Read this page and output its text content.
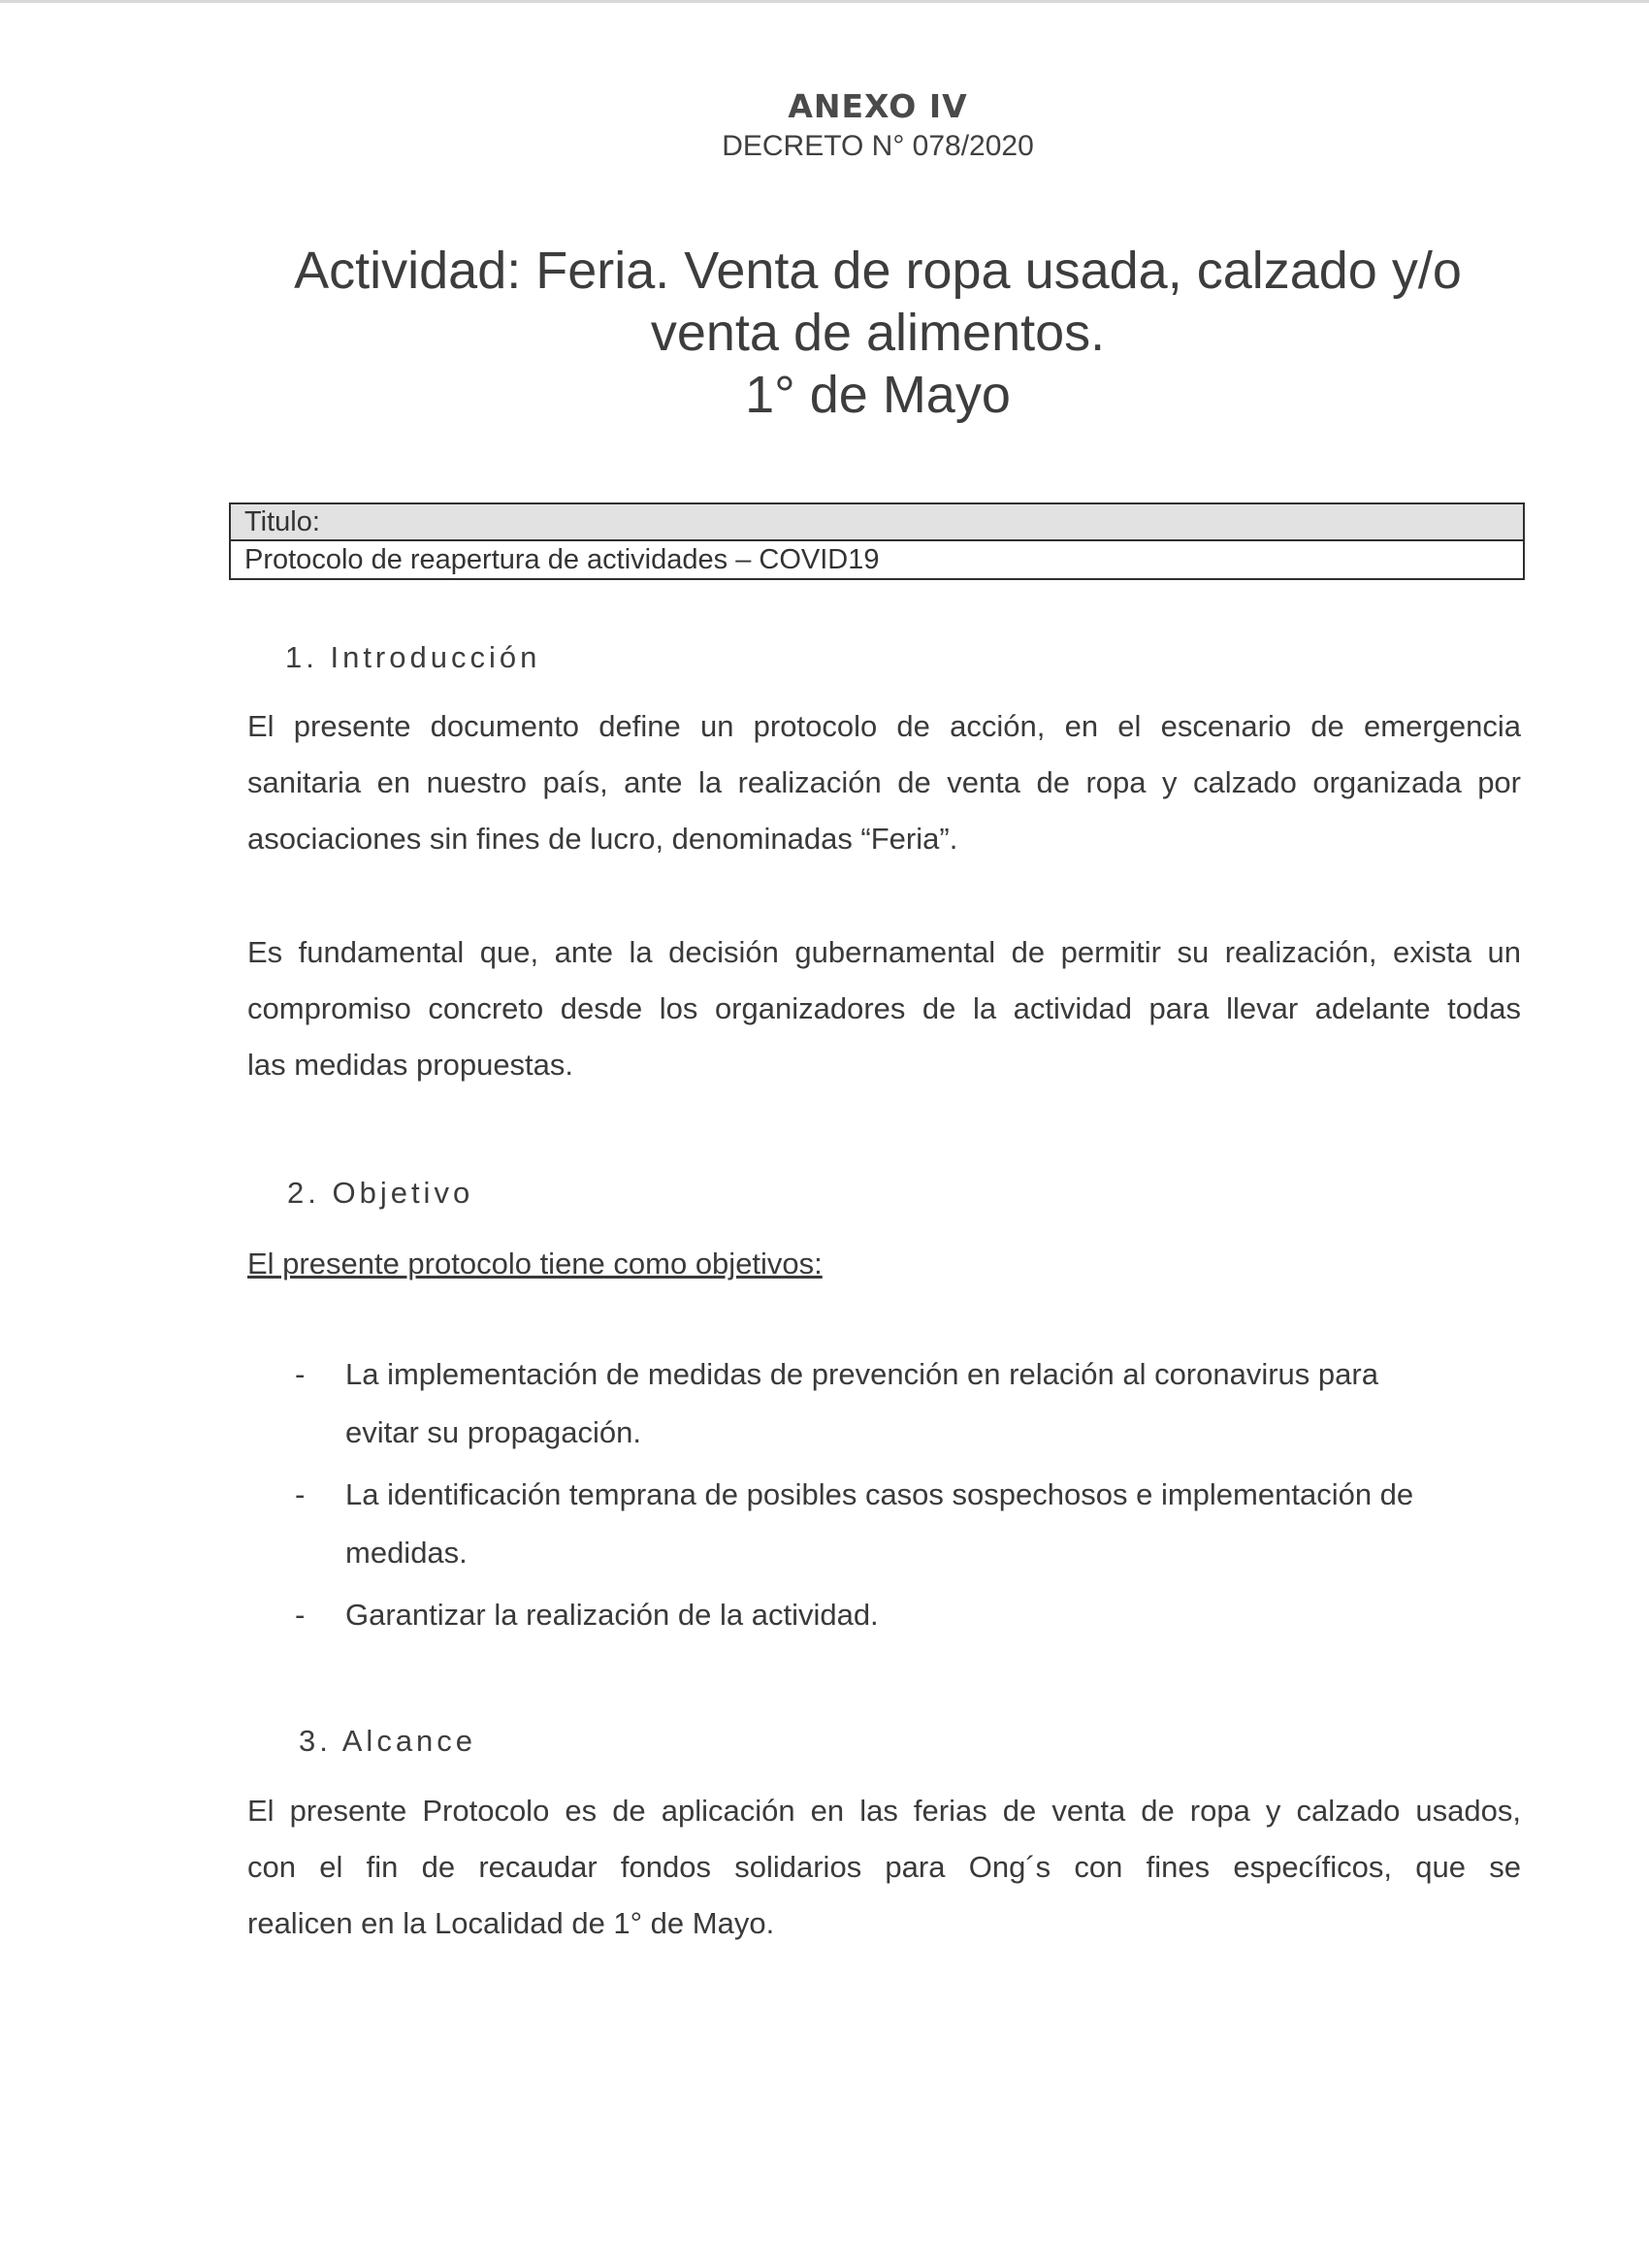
ANEXO IV
DECRETO N° 078/2020
Actividad: Feria. Venta de ropa usada, calzado y/o
venta de alimentos.
1° de Mayo
Titulo:
Protocolo de reapertura de actividades – COVID19
1. Introducción
El presente documento define un protocolo de acción, en el escenario de emergencia
sanitaria en nuestro país, ante la realización de venta de ropa y calzado organizada por
asociaciones sin fines de lucro, denominadas “Feria”.
Es fundamental que, ante la decisión gubernamental de permitir su realización, exista un
compromiso concreto desde los organizadores de la actividad para llevar adelante todas
las medidas propuestas.
2. Objetivo
El presente protocolo tiene como objetivos:
- La implementación de medidas de prevención en relación al coronavirus para
evitar su propagación.
- La identificación temprana de posibles casos sospechosos e implementación de
medidas.
- Garantizar la realización de la actividad.
3. Alcance
El presente Protocolo es de aplicación en las ferias de venta de ropa y calzado usados,
con el fin de recaudar fondos solidarios para Ong´s con fines específicos, que se
realicen en la Localidad de 1° de Mayo.
